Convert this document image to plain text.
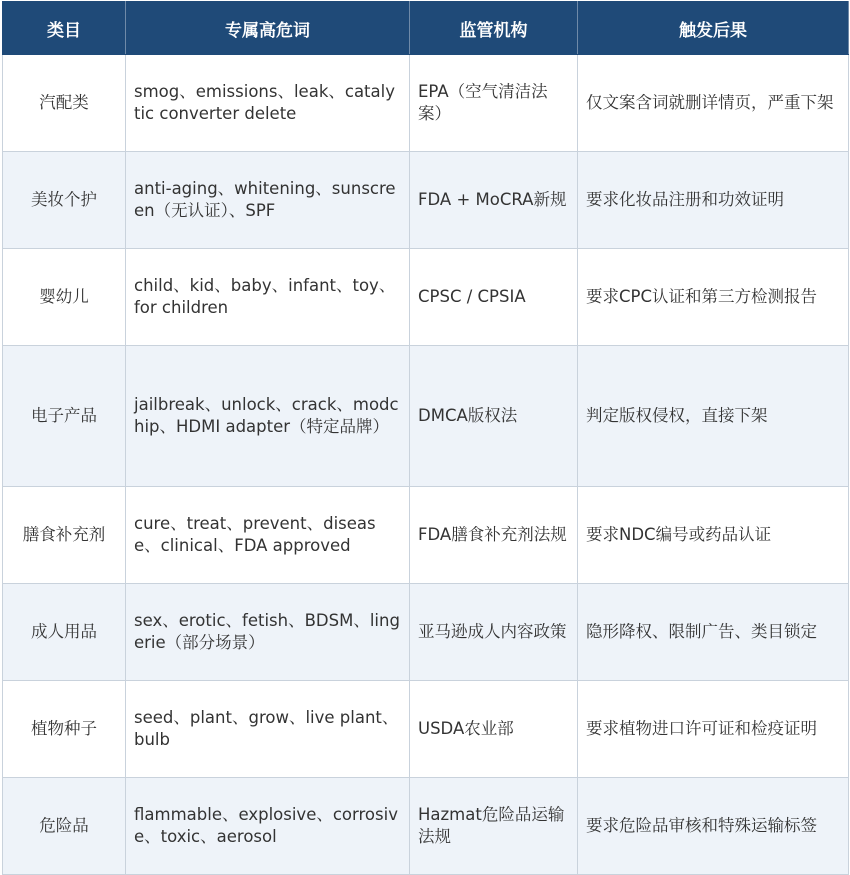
类目	专属高危词	监管机构	触发后果
汽配类	smog、emissions、leak、catalytic converter delete	EPA（空气清洁法案）	仅文案含词就删详情页，严重下架
美妆个护	anti-aging、whitening、sunscreen（无认证）、SPF	FDA + MoCRA新规	要求化妆品注册和功效证明
婴幼儿	child、kid、baby、infant、toy、for children	CPSC / CPSIA	要求CPC认证和第三方检测报告
电子产品	jailbreak、unlock、crack、modchip、HDMI adapter（特定品牌）	DMCA版权法	判定版权侵权，直接下架
膳食补充剂	cure、treat、prevent、disease、clinical、FDA approved	FDA膳食补充剂法规	要求NDC编号或药品认证
成人用品	sex、erotic、fetish、BDSM、lingerie（部分场景）	亚马逊成人内容政策	隐形降权、限制广告、类目锁定
植物种子	seed、plant、grow、live plant、bulb	USDA农业部	要求植物进口许可证和检疫证明
危险品	flammable、explosive、corrosive、toxic、aerosol	Hazmat危险品运输法规	要求危险品审核和特殊运输标签
